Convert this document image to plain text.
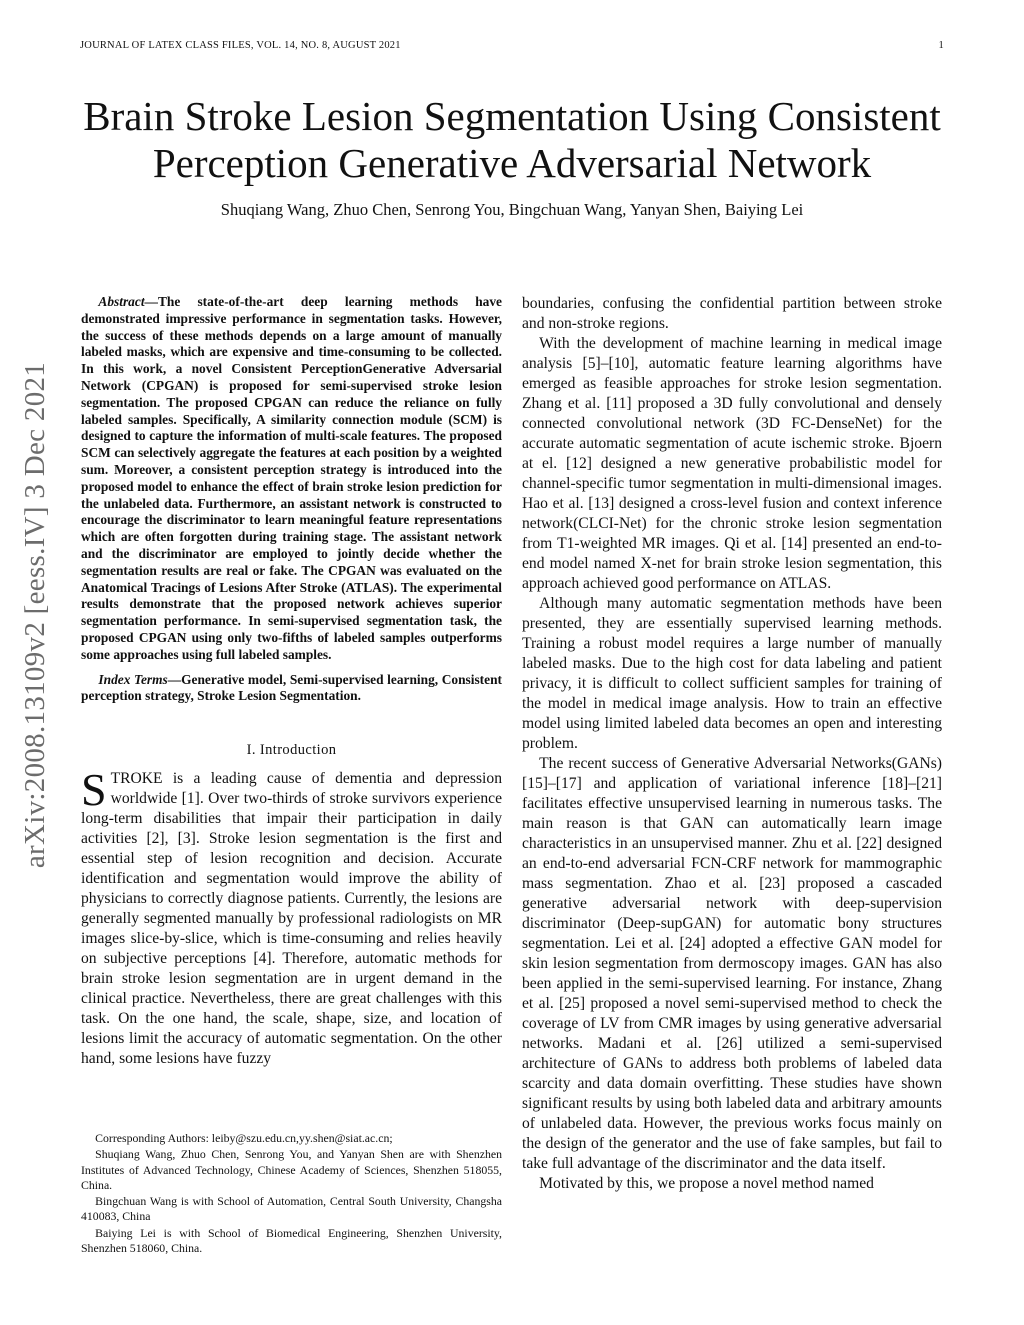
JOURNAL OF LATEX CLASS FILES, VOL. 14, NO. 8, AUGUST 2021	1
Brain Stroke Lesion Segmentation Using Consistent Perception Generative Adversarial Network
Shuqiang Wang, Zhuo Chen, Senrong You, Bingchuan Wang, Yanyan Shen, Baiying Lei
arXiv:2008.13109v2 [eess.IV] 3 Dec 2021

Abstract—The state-of-the-art deep learning methods have demonstrated impressive performance in segmentation tasks. However, the success of these methods depends on a large amount of manually labeled masks, which are expensive and time-consuming to be collected. In this work, a novel Consistent PerceptionGenerative Adversarial Network (CPGAN) is proposed for semi-supervised stroke lesion segmentation. The proposed CPGAN can reduce the reliance on fully labeled samples. Specifically, A similarity connection module (SCM) is designed to capture the information of multi-scale features. The proposed SCM can selectively aggregate the features at each position by a weighted sum. Moreover, a consistent perception strategy is introduced into the proposed model to enhance the effect of brain stroke lesion prediction for the unlabeled data. Furthermore, an assistant network is constructed to encourage the discriminator to learn meaningful feature representations which are often forgotten during training stage. The assistant network and the discriminator are employed to jointly decide whether the segmentation results are real or fake. The CPGAN was evaluated on the Anatomical Tracings of Lesions After Stroke (ATLAS). The experimental results demonstrate that the proposed network achieves superior segmentation performance. In semi-supervised segmentation task, the proposed CPGAN using only two-fifths of labeled samples outperforms some approaches using full labeled samples.

Index Terms—Generative model, Semi-supervised learning, Consistent perception strategy, Stroke Lesion Segmentation.

I. Introduction

STROKE is a leading cause of dementia and depression worldwide [1]. Over two-thirds of stroke survivors experience long-term disabilities that impair their participation in daily activities [2], [3]. Stroke lesion segmentation is the first and essential step of lesion recognition and decision. Accurate identification and segmentation would improve the ability of physicians to correctly diagnose patients. Currently, the lesions are generally segmented manually by professional radiologists on MR images slice-by-slice, which is time-consuming and relies heavily on subjective perceptions [4]. Therefore, automatic methods for brain stroke lesion segmentation are in urgent demand in the clinical practice. Nevertheless, there are great challenges with this task. On the one hand, the scale, shape, size, and location of lesions limit the accuracy of automatic segmentation. On the other hand, some lesions have fuzzy

Corresponding Authors: leiby@szu.edu.cn,yy.shen@siat.ac.cn;

Shuqiang Wang, Zhuo Chen, Senrong You, and Yanyan Shen are with Shenzhen Institutes of Advanced Technology, Chinese Academy of Sciences, Shenzhen 518055, China.

Bingchuan Wang is with School of Automation, Central South University, Changsha 410083, China

Baiying Lei is with School of Biomedical Engineering, Shenzhen University, Shenzhen 518060, China.

boundaries, confusing the confidential partition between stroke and non-stroke regions.

With the development of machine learning in medical image analysis [5]–[10], automatic feature learning algorithms have emerged as feasible approaches for stroke lesion segmentation. Zhang et al. [11] proposed a 3D fully convolutional and densely connected convolutional network (3D FC-DenseNet) for the accurate automatic segmentation of acute ischemic stroke. Bjoern at el. [12] designed a new generative probabilistic model for channel-specific tumor segmentation in multi-dimensional images. Hao et al. [13] designed a cross-level fusion and context inference network(CLCI-Net) for the chronic stroke lesion segmentation from T1-weighted MR images. Qi et al. [14] presented an end-to-end model named X-net for brain stroke lesion segmentation, this approach achieved good performance on ATLAS.

Although many automatic segmentation methods have been presented, they are essentially supervised learning methods. Training a robust model requires a large number of manually labeled masks. Due to the high cost for data labeling and patient privacy, it is difficult to collect sufficient samples for training of the model in medical image analysis. How to train an effective model using limited labeled data becomes an open and interesting problem.

The recent success of Generative Adversarial Networks(GANs) [15]–[17] and application of variational inference [18]–[21] facilitates effective unsupervised learning in numerous tasks. The main reason is that GAN can automatically learn image characteristics in an unsupervised manner. Zhu et al. [22] designed an end-to-end adversarial FCN-CRF network for mammographic mass segmentation. Zhao et al. [23] proposed a cascaded generative adversarial network with deep-supervision discriminator (Deep-supGAN) for automatic bony structures segmentation. Lei et al. [24] adopted a effective GAN model for skin lesion segmentation from dermoscopy images. GAN has also been applied in the semi-supervised learning. For instance, Zhang et al. [25] proposed a novel semi-supervised method to check the coverage of LV from CMR images by using generative adversarial networks. Madani et al. [26] utilized a semi-supervised architecture of GANs to address both problems of labeled data scarcity and data domain overfitting. These studies have shown significant results by using both labeled data and arbitrary amounts of unlabeled data. However, the previous works focus mainly on the design of the generator and the use of fake samples, but fail to take full advantage of the discriminator and the data itself.

Motivated by this, we propose a novel method named
